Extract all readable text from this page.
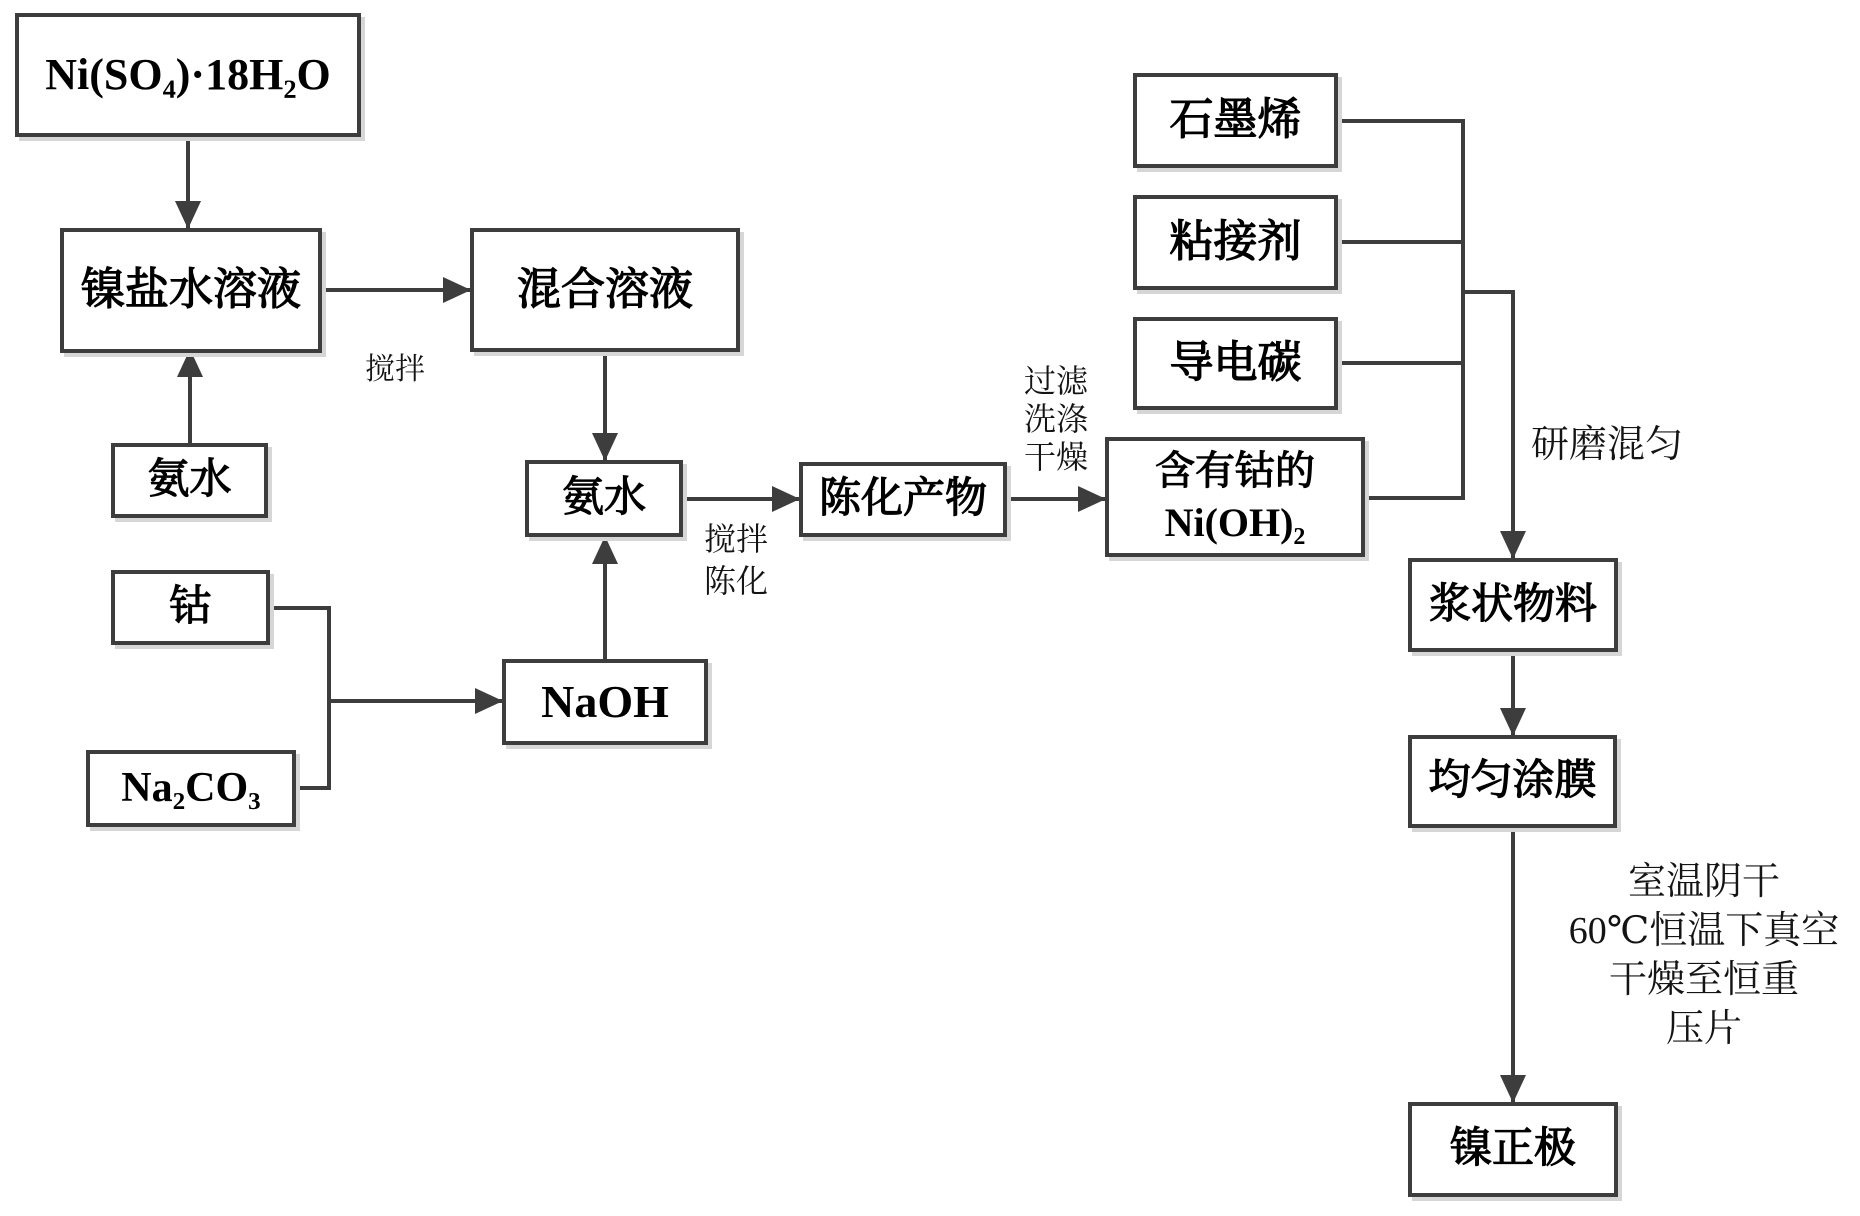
Ni(SO₄)·18H₂O
镍盐水溶液	混合溶液
氨水
钴
Na₂CO₃
氨水
NaOH
陈化产物
含有钴的
Ni(OH)₂
石墨烯
粘接剂
导电碳
浆状物料
均匀涂膜
镍正极
搅拌
搅拌
陈化
过滤
洗涤
干燥	研磨混匀
室温阴干
60℃恒温下真空
干燥至恒重
压片
